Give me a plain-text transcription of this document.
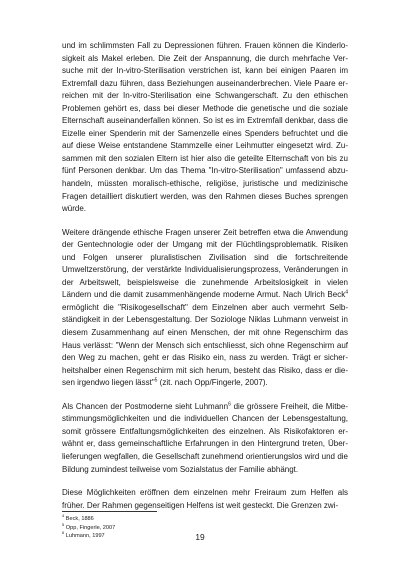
und im schlimmsten Fall zu Depressionen führen. Frauen können die Kinderlosigkeit als Makel erleben. Die Zeit der Anspannung, die durch mehrfache Versuche mit der In-vitro-Sterilisation verstrichen ist, kann bei einigen Paaren im Extremfall dazu führen, dass Beziehungen auseinanderbrechen. Viele Paare erreichen mit der In-vitro-Sterilisation eine Schwangerschaft. Zu den ethischen Problemen gehört es, dass bei dieser Methode die genetische und die soziale Elternschaft auseinanderfallen können. So ist es im Extremfall denkbar, dass die Eizelle einer Spenderin mit der Samenzelle eines Spenders befruchtet und die auf diese Weise entstandene Stammzelle einer Leihmutter eingesetzt wird. Zusammen mit den sozialen Eltern ist hier also die geteilte Elternschaft von bis zu fünf Personen denkbar. Um das Thema "In-vitro-Sterilisation" umfassend abzuhandeln, müssten moralisch-ethische, religiöse, juristische und medizinische Fragen detailliert diskutiert werden, was den Rahmen dieses Buches sprengen würde.

Weitere drängende ethische Fragen unserer Zeit betreffen etwa die Anwendung der Gentechnologie oder der Umgang mit der Flüchtlingsproblematik. Risiken und Folgen unserer pluralistischen Zivilisation sind die fortschreitende Umweltzerstörung, der verstärkte Individualisierungsprozess, Veränderungen in der Arbeitswelt, beispielsweise die zunehmende Arbeitslosigkeit in vielen Ländern und die damit zusammenhängende moderne Armut. Nach Ulrich Beck$^4$ ermöglicht die "Risikogesellschaft" dem Einzelnen aber auch vermehrt Selbständigkeit in der Lebensgestaltung. Der Soziologe Niklas Luhmann verweist in diesem Zusammenhang auf einen Menschen, der mit ohne Regenschirm das Haus verlässt: "Wenn der Mensch sich entschliesst, sich ohne Regenschirm auf den Weg zu machen, geht er das Risiko ein, nass zu werden. Trägt er sicherheitshalber einen Regenschirm mit sich herum, besteht das Risiko, dass er diesen irgendwo liegen lässt"$^5$ (zit. nach Opp/Fingerle, 2007).

Als Chancen der Postmoderne sieht Luhmann$^6$ die grössere Freiheit, die Mitbestimmungsmöglichkeiten und die individuellen Chancen der Lebensgestaltung, somit grössere Entfaltungsmöglichkeiten des einzelnen. Als Risikofaktoren erwähnt er, dass gemeinschaftliche Erfahrungen in den Hintergrund treten, Überlieferungen wegfallen, die Gesellschaft zunehmend orientierungslos wird und die Bildung zumindest teilweise vom Sozialstatus der Familie abhängt.

Diese Möglichkeiten eröffnen dem einzelnen mehr Freiraum zum Helfen als früher. Der Rahmen gegenseitigen Helfens ist weit gesteckt. Die Grenzen zwi-

$^4$ Beck, 1886
$^5$ Opp, Fingerle, 2007
$^6$ Luhmann, 1997	19
